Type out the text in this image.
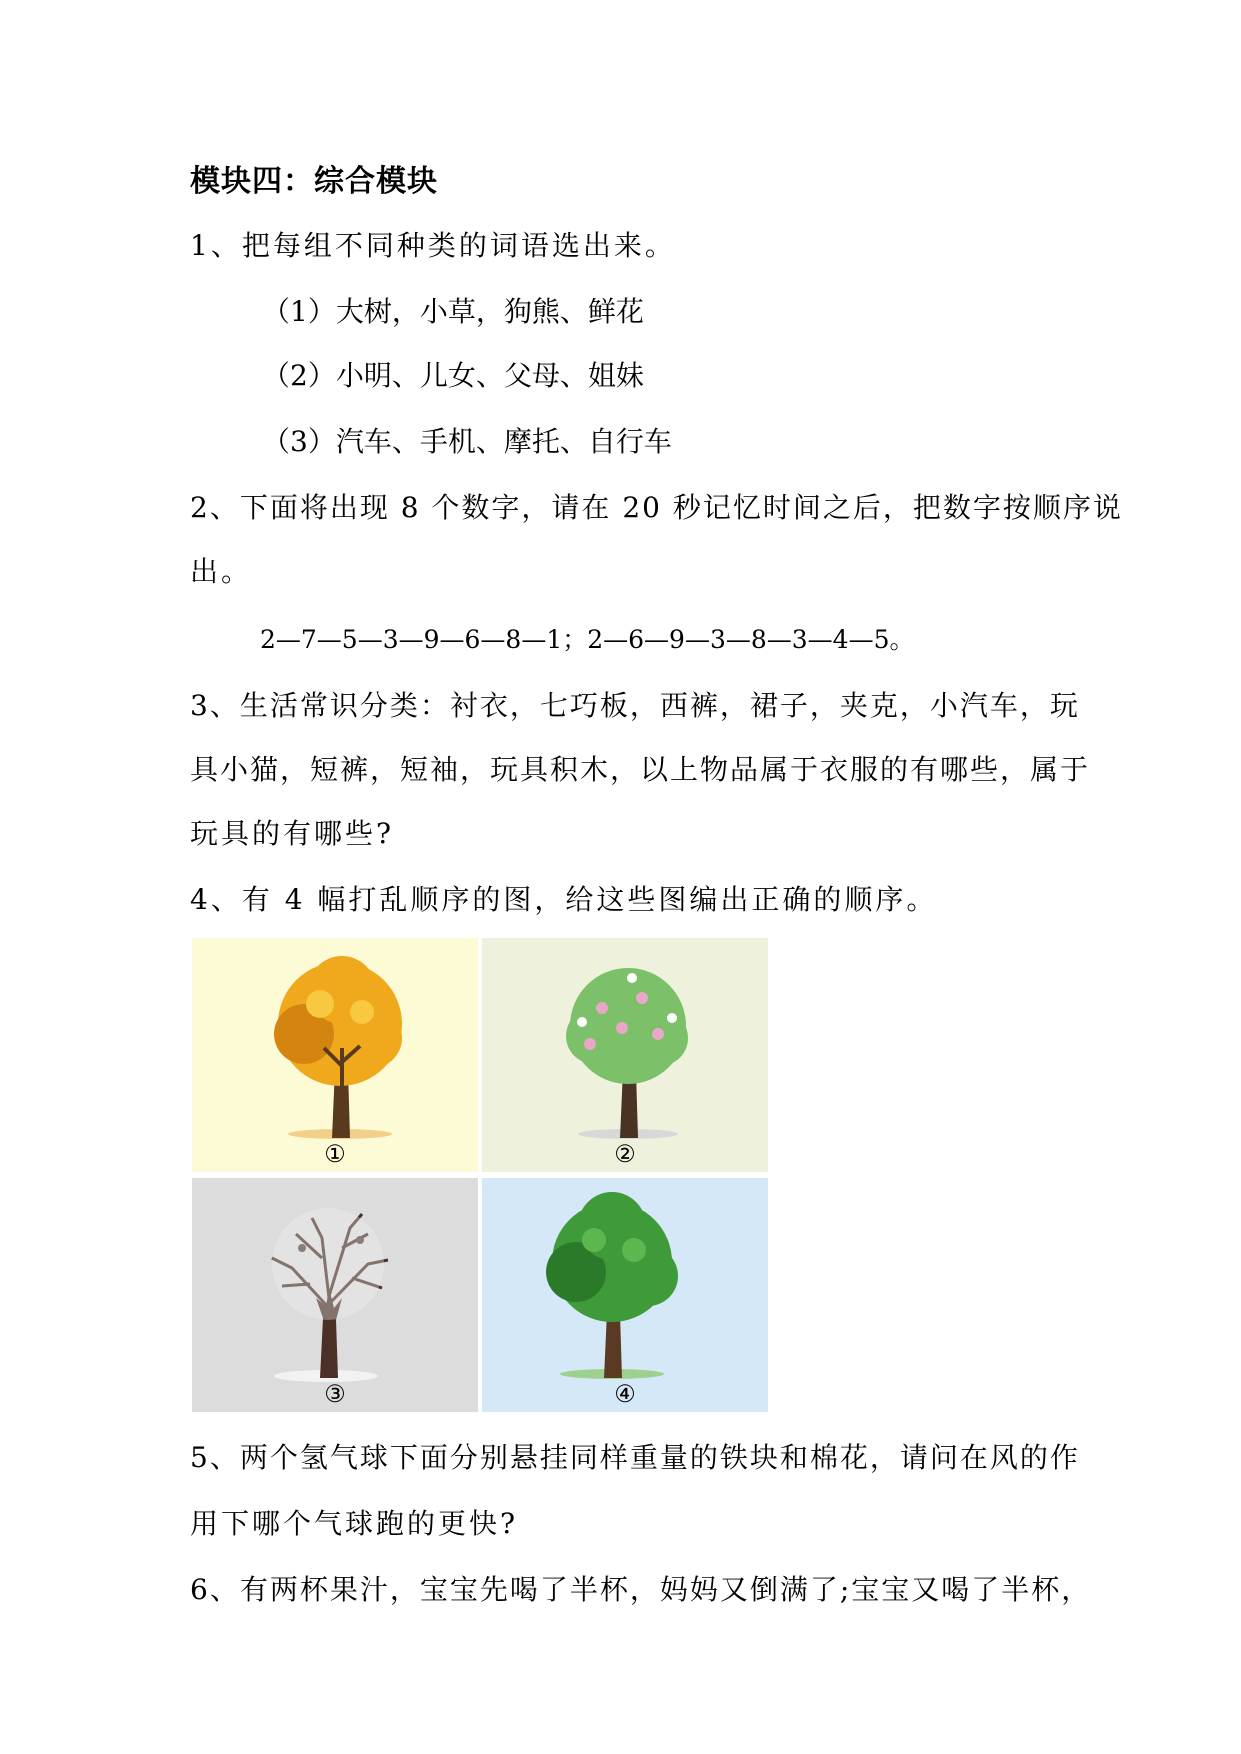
模块四：综合模块
1、把每组不同种类的词语选出来。
（1）大树，小草，狗熊、鲜花
（2）小明、儿女、父母、姐妹
（3）汽车、手机、摩托、自行车
2、下面将出现 8 个数字，请在 20 秒记忆时间之后，把数字按顺序说
出。
2—7—5—3—9—6—8—1；2—6—9—3—8—3—4—5。
3、生活常识分类：衬衣，七巧板，西裤，裙子，夹克，小汽车，玩
具小猫，短裤，短袖，玩具积木，以上物品属于衣服的有哪些，属于
玩具的有哪些?
4、有 4 幅打乱顺序的图，给这些图编出正确的顺序。
①	②
③	④
5、两个氢气球下面分别悬挂同样重量的铁块和棉花，请问在风的作
用下哪个气球跑的更快?
6、有两杯果汁，宝宝先喝了半杯，妈妈又倒满了;宝宝又喝了半杯，
